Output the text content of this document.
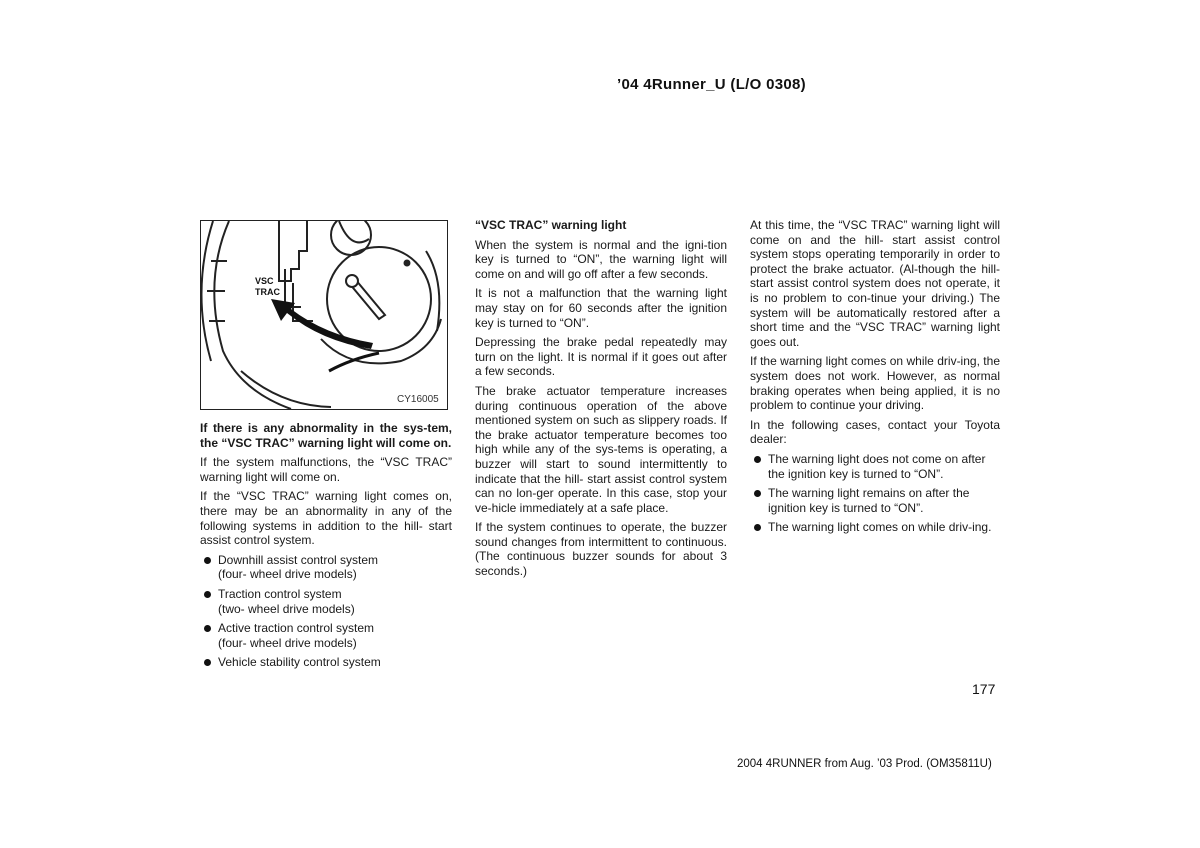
’04 4Runner_U (L/O 0308)
VSC
TRAC
CY16005

If there is any abnormality in the sys-tem, the “VSC TRAC” warning light will come on.

If the system malfunctions, the “VSC TRAC” warning light will come on.

If the “VSC TRAC” warning light comes on, there may be an abnormality in any of the following systems in addition to the hill- start assist control system.

Downhill assist control system
(four- wheel drive models)
Traction control system
(two- wheel drive models)
Active traction control system
(four- wheel drive models)
Vehicle stability control system

“VSC TRAC” warning light

When the system is normal and the igni-tion key is turned to “ON”, the warning light will come on and will go off after a few seconds.

It is not a malfunction that the warning light may stay on for 60 seconds after the ignition key is turned to “ON”.

Depressing the brake pedal repeatedly may turn on the light. It is normal if it goes out after a few seconds.

The brake actuator temperature increases during continuous operation of the above mentioned system on such as slippery roads. If the brake actuator temperature becomes too high while any of the sys-tems is operating, a buzzer will start to sound intermittently to indicate that the hill- start assist control system can no lon-ger operate. In this case, stop your ve-hicle immediately at a safe place.

If the system continues to operate, the buzzer sound changes from intermittent to continuous. (The continuous buzzer sounds for about 3 seconds.)

At this time, the “VSC TRAC” warning light will come on and the hill- start assist control system stops operating temporarily in order to protect the brake actuator. (Al-though the hill- start assist control system does not operate, it is no problem to con-tinue your driving.) The system will be automatically restored after a short time and the “VSC TRAC” warning light goes out.

If the warning light comes on while driv-ing, the system does not work. However, as normal braking operates when being applied, it is no problem to continue your driving.

In the following cases, contact your Toyota dealer:

The warning light does not come on after the ignition key is turned to “ON”.
The warning light remains on after the ignition key is turned to “ON”.
The warning light comes on while driv-ing.
177
2004 4RUNNER from Aug. ’03 Prod. (OM35811U)
